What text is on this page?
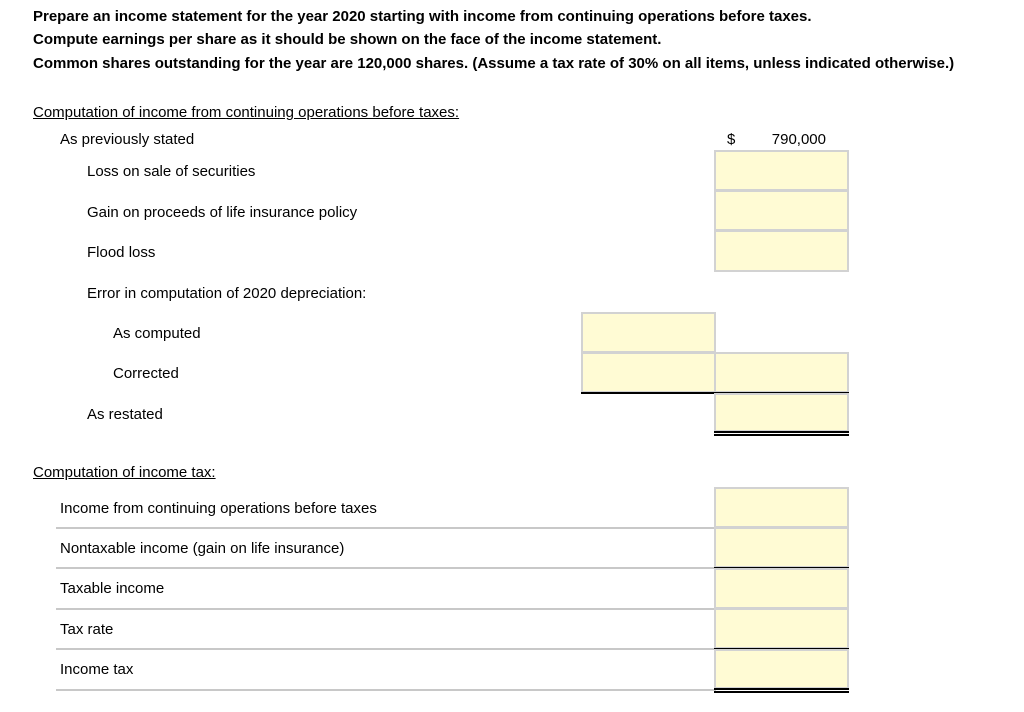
Prepare an income statement for the year 2020 starting with income from continuing operations before taxes.
Compute earnings per share as it should be shown on the face of the income statement.
Common shares outstanding for the year are 120,000 shares. (Assume a tax rate of 30% on all items, unless indicated otherwise.)
Computation of income from continuing operations before taxes:
As previously stated	$	790,000
Loss on sale of securities
Gain on proceeds of life insurance policy
Flood loss
Error in computation of 2020 depreciation:
As computed
Corrected
As restated
Computation of income tax:
Income from continuing operations before taxes
Nontaxable income (gain on life insurance)
Taxable income
Tax rate
Income tax
